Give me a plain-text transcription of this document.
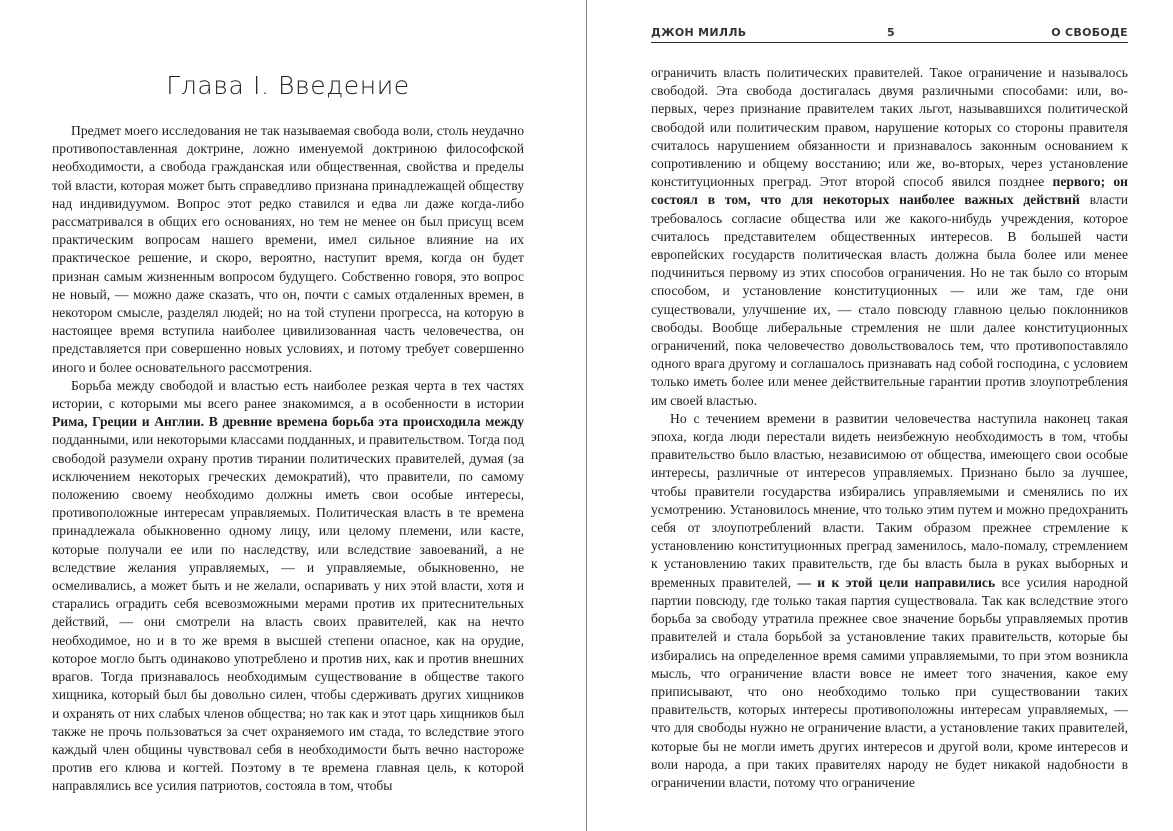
Глава I. Введение

Предмет моего исследования не так называемая свобода воли, столь неудачно противопоставленная доктрине, ложно именуемой доктриною философской необходимости, а свобода гражданская или общественная, свойства и пределы той власти, которая может быть справедливо признана принадлежащей обществу над индивидуумом. Вопрос этот редко ставился и едва ли даже когда-либо рассматривался в общих его основаниях, но тем не менее он был присущ всем практическим вопросам нашего времени, имел сильное влияние на их практическое решение, и скоро, вероятно, наступит время, когда он будет признан самым жизненным вопросом будущего. Собственно говоря, это вопрос не новый, — можно даже сказать, что он, почти с самых отдаленных времен, в некотором смысле, разделял людей; но на той ступени прогресса, на которую в настоящее время вступила наиболее цивилизованная часть человечества, он представляется при совершенно новых условиях, и потому требует совершенно иного и более основательного рассмотрения.

Борьба между свободой и властью есть наиболее резкая черта в тех частях истории, с которыми мы всего ранее знакомимся, а в особенности в истории Рима, Греции и Англии. В древние времена борьба эта происходила между подданными, или некоторыми классами подданных, и правительством. Тогда под свободой разумели охрану против тирании политических правителей, думая (за исключением некоторых греческих демократий), что правители, по самому положению своему необходимо должны иметь свои особые интересы, противоположные интересам управляемых. Политическая власть в те времена принадлежала обыкновенно одному лицу, или целому племени, или касте, которые получали ее или по наследству, или вследствие завоеваний, а не вследствие желания управляемых, — и управляемые, обыкновенно, не осмеливались, а может быть и не желали, оспаривать у них этой власти, хотя и старались оградить себя всевозможными мерами против их притеснительных действий, — они смотрели на власть своих правителей, как на нечто необходимое, но и в то же время в высшей степени опасное, как на орудие, которое могло быть одинаково употреблено и против них, как и против внешних врагов. Тогда признавалось необходимым существование в обществе такого хищника, который был бы довольно силен, чтобы сдерживать других хищников и охранять от них слабых членов общества; но так как и этот царь хищников был также не прочь пользоваться за счет охраняемого им стада, то вследствие этого каждый член общины чувствовал себя в необходимости быть вечно настороже против его клюва и когтей. Поэтому в те времена главная цель, к которой направлялись все усилия патриотов, состояла в том, чтобы

ДЖОН МИЛЛЬ	5	О СВОБОДЕ

ограничить власть политических правителей. Такое ограничение и называлось свободой. Эта свобода достигалась двумя различными способами: или, во-первых, через признание правителем таких льгот, называвшихся политической свободой или политическим правом, нарушение которых со стороны правителя считалось нарушением обязанности и признавалось законным основанием к сопротивлению и общему восстанию; или же, во-вторых, через установление конституционных преград. Этот второй способ явился позднее первого; он состоял в том, что для некоторых наиболее важных действий власти требовалось согласие общества или же какого-нибудь учреждения, которое считалось представителем общественных интересов. В большей части европейских государств политическая власть должна была более или менее подчиниться первому из этих способов ограничения. Но не так было со вторым способом, и установление конституционных — или же там, где они существовали, улучшение их, — стало повсюду главною целью поклонников свободы. Вообще либеральные стремления не шли далее конституционных ограничений, пока человечество довольствовалось тем, что противопоставляло одного врага другому и соглашалось признавать над собой господина, с условием только иметь более или менее действительные гарантии против злоупотребления им своей властью.

Но с течением времени в развитии человечества наступила наконец такая эпоха, когда люди перестали видеть неизбежную необходимость в том, чтобы правительство было властью, независимою от общества, имеющего свои особые интересы, различные от интересов управляемых. Признано было за лучшее, чтобы правители государства избирались управляемыми и сменялись по их усмотрению. Установилось мнение, что только этим путем и можно предохранить себя от злоупотреблений власти. Таким образом прежнее стремление к установлению конституционных преград заменилось, мало-помалу, стремлением к установлению таких правительств, где бы власть была в руках выборных и временных правителей, — и к этой цели направились все усилия народной партии повсюду, где только такая партия существовала. Так как вследствие этого борьба за свободу утратила прежнее свое значение борьбы управляемых против правителей и стала борьбой за установление таких правительств, которые бы избирались на определенное время самими управляемыми, то при этом возникла мысль, что ограничение власти вовсе не имеет того значения, какое ему приписывают, что оно необходимо только при существовании таких правительств, которых интересы противоположны интересам управляемых, — что для свободы нужно не ограничение власти, а установление таких правителей, которые бы не могли иметь других интересов и другой воли, кроме интересов и воли народа, а при таких правителях народу не будет никакой надобности в ограничении власти, потому что ограничение
